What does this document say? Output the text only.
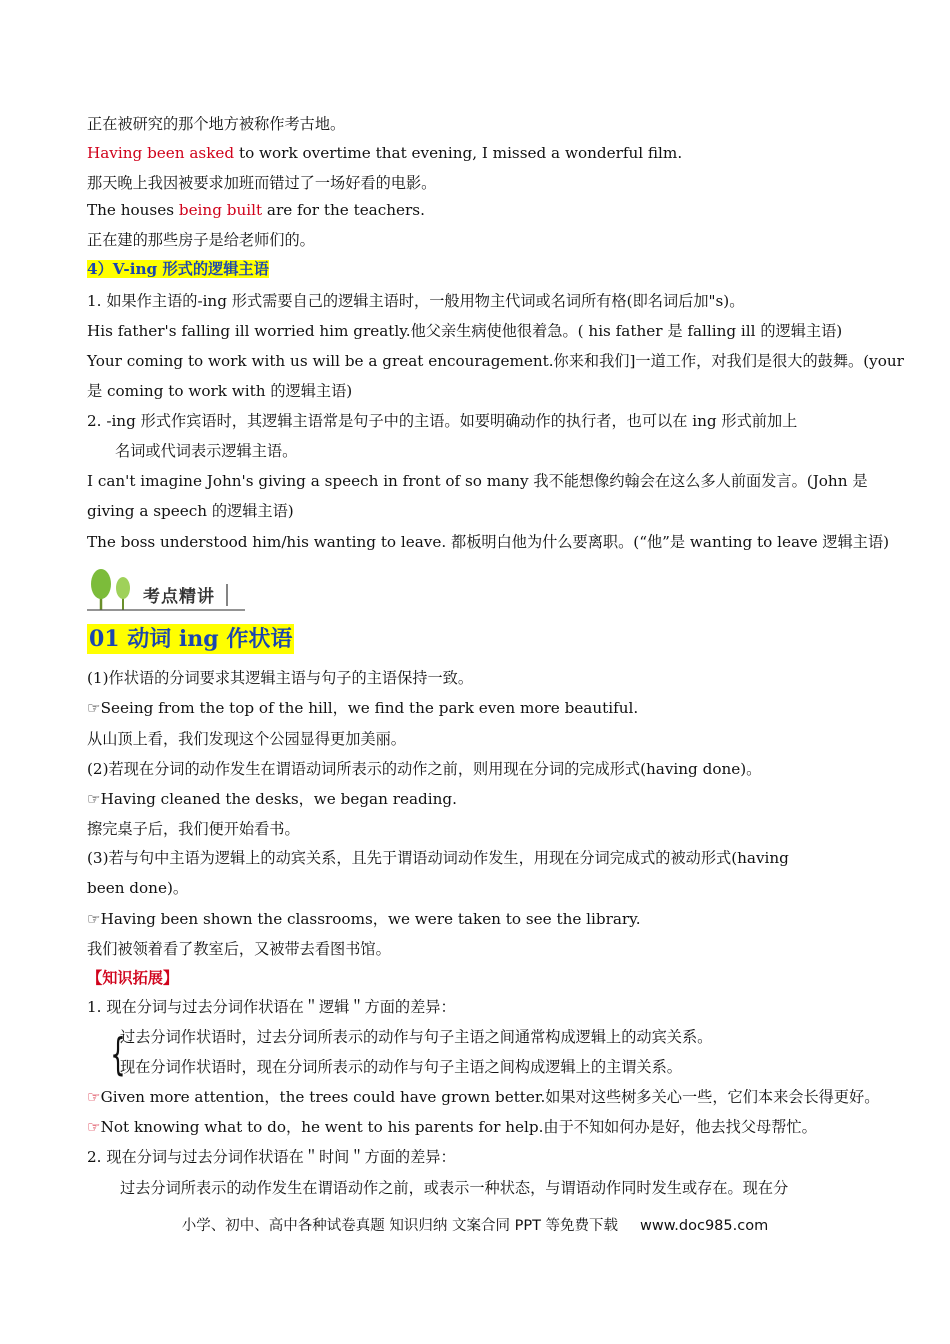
正在被研究的那个地方被称作考古地。
Having been asked to work overtime that evening, I missed a wonderful film.
那天晚上我因被要求加班而错过了一场好看的电影。
The houses being built are for the teachers.
正在建的那些房子是给老师们的。
4）V-ing 形式的逻辑主语
1. 如果作主语的-ing 形式需要自己的逻辑主语时，一般用物主代词或名词所有格(即名词后加"s)。
His father's falling ill worried him greatly.他父亲生病使他很着急。( his father 是 falling ill 的逻辑主语)
Your coming to work with us will be a great encouragement.你来和我们]一道工作，对我们是很大的鼓舞。(your
是 coming to work with 的逻辑主语)
2. -ing 形式作宾语时，其逻辑主语常是句子中的主语。如要明确动作的执行者，也可以在 ing 形式前加上
名词或代词表示逻辑主语。
I can't imagine John's giving a speech in front of so many 我不能想像约翰会在这么多人前面发言。(John 是
giving a speech 的逻辑主语)
The boss understood him/his wanting to leave. 都板明白他为什么要离职。(“他”是 wanting to leave 逻辑主语)
考点精讲
01 动词 ing 作状语
(1)作状语的分词要求其逻辑主语与句子的主语保持一致。
☞Seeing from the top of the hill，we find the park even more beautiful.
从山顶上看，我们发现这个公园显得更加美丽。
(2)若现在分词的动作发生在谓语动词所表示的动作之前，则用现在分词的完成形式(having done)。
☞Having cleaned the desks，we began reading.
擦完桌子后，我们便开始看书。
(3)若与句中主语为逻辑上的动宾关系，且先于谓语动词动作发生，用现在分词完成式的被动形式(having
been done)。
☞Having been shown the classrooms，we were taken to see the library.
我们被领着看了教室后，又被带去看图书馆。
【知识拓展】
1. 现在分词与过去分词作状语在＂逻辑＂方面的差异：
{
过去分词作状语时，过去分词所表示的动作与句子主语之间通常构成逻辑上的动宾关系。
现在分词作状语时，现在分词所表示的动作与句子主语之间构成逻辑上的主谓关系。
☞Given more attention，the trees could have grown better.如果对这些树多关心一些，它们本来会长得更好。
☞Not knowing what to do，he went to his parents for help.由于不知如何办是好，他去找父母帮忙。
2. 现在分词与过去分词作状语在＂时间＂方面的差异：
过去分词所表示的动作发生在谓语动作之前，或表示一种状态，与谓语动作同时发生或存在。现在分
小学、初中、高中各种试卷真题 知识归纳 文案合同 PPT 等免费下载 www.doc985.com
